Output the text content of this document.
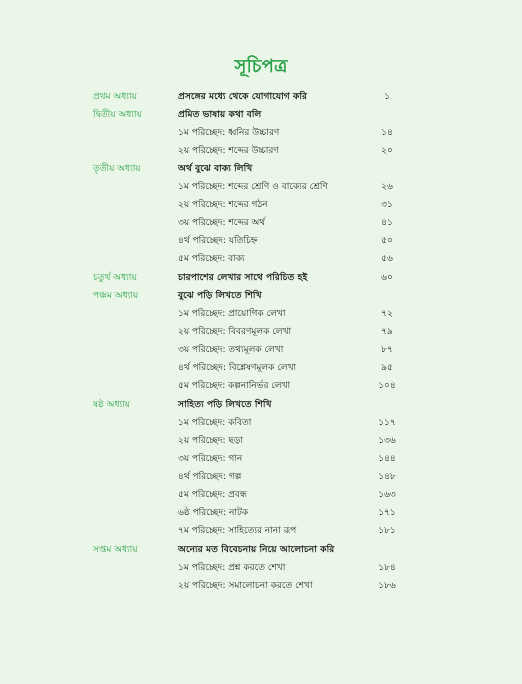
সূচিপত্র
প্রথম অধ্যায়	প্রসঙ্গের মধ্যে থেকে যোগাযোগ করি	১
দ্বিতীয় অধ্যায়	প্রমিত ভাষায় কথা বলি
১ম পরিচ্ছেদ: ধ্বনির উচ্চারণ	১৪
২য় পরিচ্ছেদ: শব্দের উচ্চারণ	২০
তৃতীয় অধ্যায়	অর্থ বুঝে বাক্য লিখি
১ম পরিচ্ছেদ: শব্দের শ্রেণি ও বাক্যের শ্রেণি	২৬
২য় পরিচ্ছেদ: শব্দের গঠন	৩১
৩য় পরিচ্ছেদ: শব্দের অর্থ	৪১
৪র্থ পরিচ্ছেদ: যতিচিহ্ন	৫০
৫ম পরিচ্ছেদ: বাক্য	৫৬
চতুর্থ অধ্যায়	চারপাশের লেখার সাথে পরিচিত হই	৬০
পঞ্চম অধ্যায়	বুঝে পড়ি লিখতে শিখি
১ম পরিচ্ছেদ: প্রায়োগিক লেখা	৭২
২য় পরিচ্ছেদ: বিবরণমূলক লেখা	৭৯
৩য় পরিচ্ছেদ: তথ্যমূলক লেখা	৮৭
৪র্থ পরিচ্ছেদ: বিশ্লেষণমূলক লেখা	৯৫
৫ম পরিচ্ছেদ: কল্পনানির্ভর লেখা	১০৪
ষষ্ঠ অধ্যায়	সাহিত্য পড়ি লিখতে শিখি
১ম পরিচ্ছেদ: কবিতা	১১৭
২য় পরিচ্ছেদ: ছড়া	১৩৬
৩য় পরিচ্ছেদ: গান	১৪৪
৪র্থ পরিচ্ছেদ: গল্প	১৪৮
৫ম পরিচ্ছেদ: প্রবন্ধ	১৬৩
৬ষ্ঠ পরিচ্ছেদ: নাটক	১৭১
৭ম পরিচ্ছেদ: সাহিত্যের নানা রূপ	১৮১
সপ্তম অধ্যায়	অন্যের মত বিবেচনায় নিয়ে আলোচনা করি
১ম পরিচ্ছেদ: প্রশ্ন করতে শেখা	১৮৪
২য় পরিচ্ছেদ: সমালোচনা করতে শেখা	১৮৬
